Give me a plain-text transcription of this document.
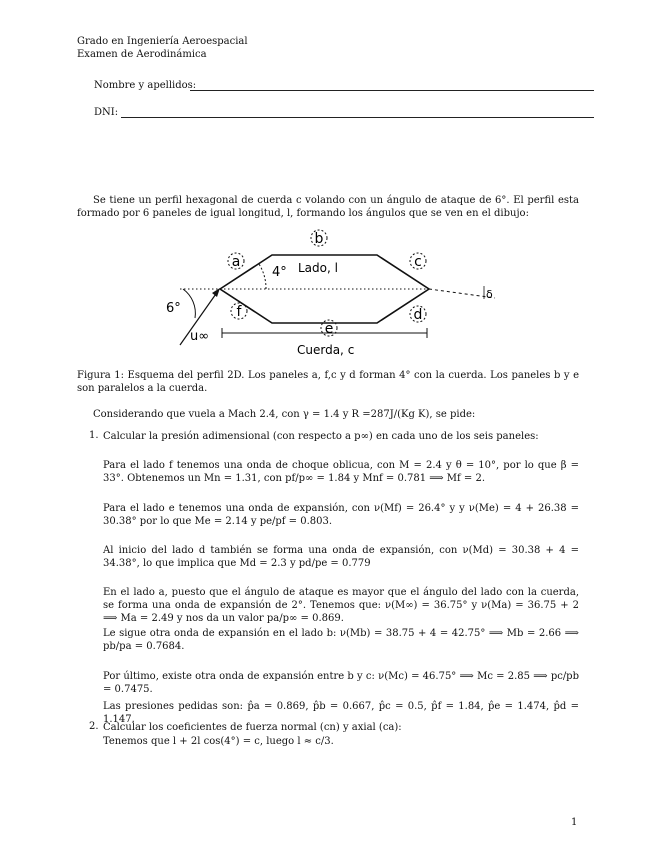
Grado en Ingeniería Aeroespacial
Examen de Aerodinámica
Nombre y apellidos:
DNI:
Se tiene un perfil hexagonal de cuerda c volando con un ángulo de ataque de 6°. El perfil esta formado por 6 paneles de igual longitud, l, formando los ángulos que se ven en el dibujo:
a
b
c
d
e
f
4°
6°
Lado, l
Cuerda, c
u∞
δ
Figura 1: Esquema del perfil 2D. Los paneles a, f,c y d forman 4° con la cuerda. Los paneles b y e son paralelos a la cuerda.
Considerando que vuela a Mach 2.4, con γ = 1.4 y R =287J/(Kg K), se pide:
1. Calcular la presión adimensional (con respecto a p∞) en cada uno de los seis paneles:
Para el lado f tenemos una onda de choque oblicua, con M = 2.4 y θ = 10°, por lo que β = 33°. Obtenemos un Mn = 1.31, con pf/p∞ = 1.84 y Mnf = 0.781 ⟹ Mf = 2.
Para el lado e tenemos una onda de expansión, con ν(Mf) = 26.4° y y ν(Me) = 4 + 26.38 = 30.38° por lo que Me = 2.14 y pe/pf = 0.803.
Al inicio del lado d también se forma una onda de expansión, con ν(Md) = 30.38 + 4 = 34.38°, lo que implica que Md = 2.3 y pd/pe = 0.779
En el lado a, puesto que el ángulo de ataque es mayor que el ángulo del lado con la cuerda, se forma una onda de expansión de 2°. Tenemos que: ν(M∞) = 36.75° y ν(Ma) = 36.75 + 2 ⟹ Ma = 2.49 y nos da un valor pa/p∞ = 0.869.
Le sigue otra onda de expansión en el lado b: ν(Mb) = 38.75 + 4 = 42.75° ⟹ Mb = 2.66 ⟹ pb/pa = 0.7684.
Por último, existe otra onda de expansión entre b y c: ν(Mc) = 46.75° ⟹ Mc = 2.85 ⟹ pc/pb = 0.7475.
Las presiones pedidas son: p̂a = 0.869, p̂b = 0.667, p̂c = 0.5, p̂f = 1.84, p̂e = 1.474, p̂d = 1.147.
2. Calcular los coeficientes de fuerza normal (cn) y axial (ca):
Tenemos que l + 2l cos(4°) = c, luego l ≈ c/3.
1
